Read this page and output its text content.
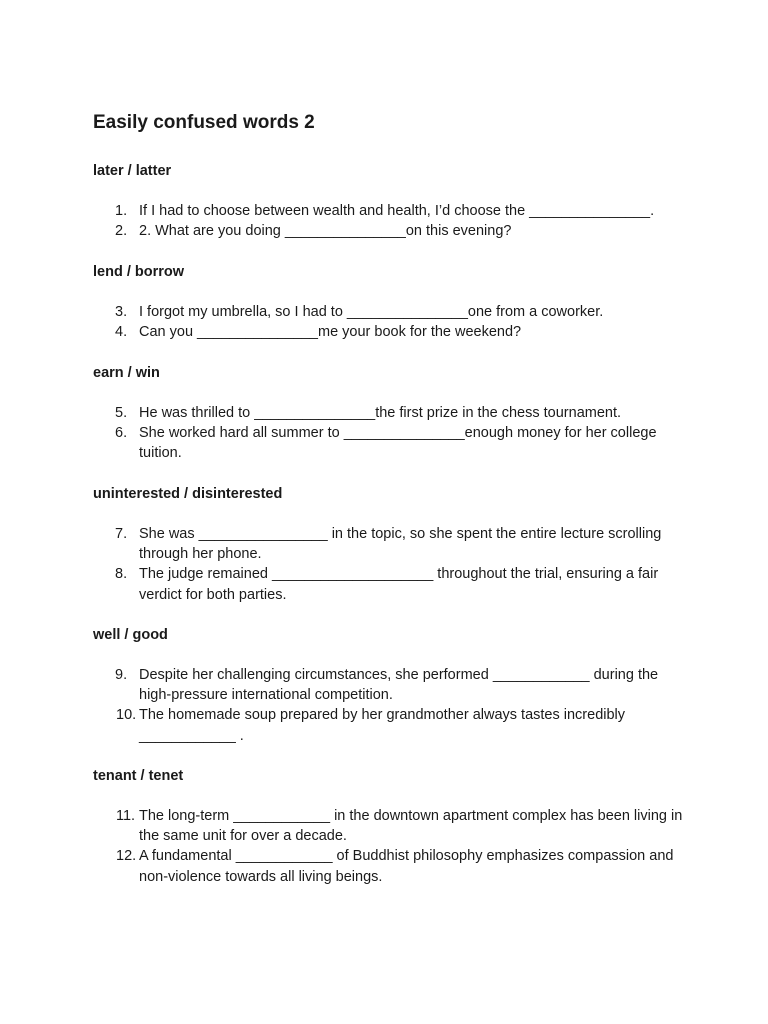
Easily confused words 2

later / latter

1. If I had to choose between wealth and health, I’d choose the _______________.
2. 2. What are you doing _______________on this evening?

lend / borrow

3. I forgot my umbrella, so I had to _______________one from a coworker.
4. Can you _______________me your book for the weekend?

earn / win

5. He was thrilled to _______________the first prize in the chess tournament.
6. She worked hard all summer to _______________enough money for her college tuition.

uninterested / disinterested

7. She was ________________ in the topic, so she spent the entire lecture scrolling through her phone.
8. The judge remained ____________________ throughout the trial, ensuring a fair verdict for both parties.

well / good

9. Despite her challenging circumstances, she performed ____________ during the high-pressure international competition.
10. The homemade soup prepared by her grandmother always tastes incredibly ____________ .

tenant / tenet

11. The long-term ____________ in the downtown apartment complex has been living in the same unit for over a decade.
12. A fundamental ____________ of Buddhist philosophy emphasizes compassion and non-violence towards all living beings.
